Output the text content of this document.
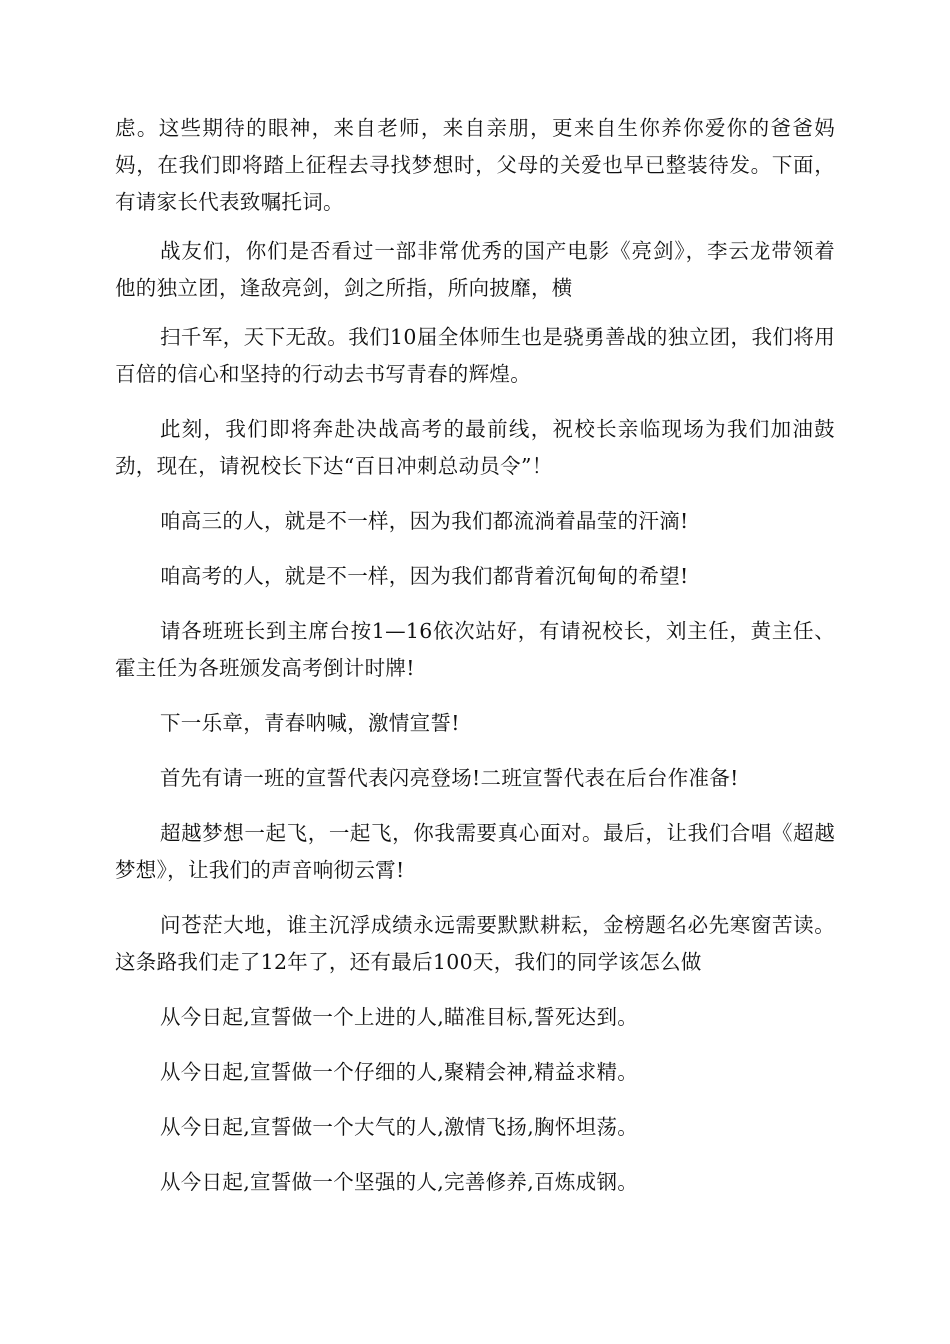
虑。这些期待的眼神，来自老师，来自亲朋，更来自生你养你爱你的爸爸妈妈，在我们即将踏上征程去寻找梦想时，父母的关爱也早已整装待发。下面，有请家长代表致嘱托词。

战友们，你们是否看过一部非常优秀的国产电影《亮剑》，李云龙带领着他的独立团，逢敌亮剑，剑之所指，所向披靡，横

扫千军，天下无敌。我们10届全体师生也是骁勇善战的独立团，我们将用百倍的信心和坚持的行动去书写青春的辉煌。

此刻，我们即将奔赴决战高考的最前线，祝校长亲临现场为我们加油鼓劲，现在，请祝校长下达“百日冲刺总动员令”！

咱高三的人，就是不一样，因为我们都流淌着晶莹的汗滴!

咱高考的人，就是不一样，因为我们都背着沉甸甸的希望!

请各班班长到主席台按1—16依次站好，有请祝校长，刘主任，黄主任、霍主任为各班颁发高考倒计时牌!

下一乐章，青春呐喊，激情宣誓!

首先有请一班的宣誓代表闪亮登场!二班宣誓代表在后台作准备!

超越梦想一起飞，一起飞，你我需要真心面对。最后，让我们合唱《超越梦想》，让我们的声音响彻云霄!

问苍茫大地，谁主沉浮成绩永远需要默默耕耘，金榜题名必先寒窗苦读。这条路我们走了12年了，还有最后100天，我们的同学该怎么做

从今日起,宣誓做一个上进的人,瞄准目标,誓死达到。

从今日起,宣誓做一个仔细的人,聚精会神,精益求精。

从今日起,宣誓做一个大气的人,激情飞扬,胸怀坦荡。

从今日起,宣誓做一个坚强的人,完善修养,百炼成钢。
